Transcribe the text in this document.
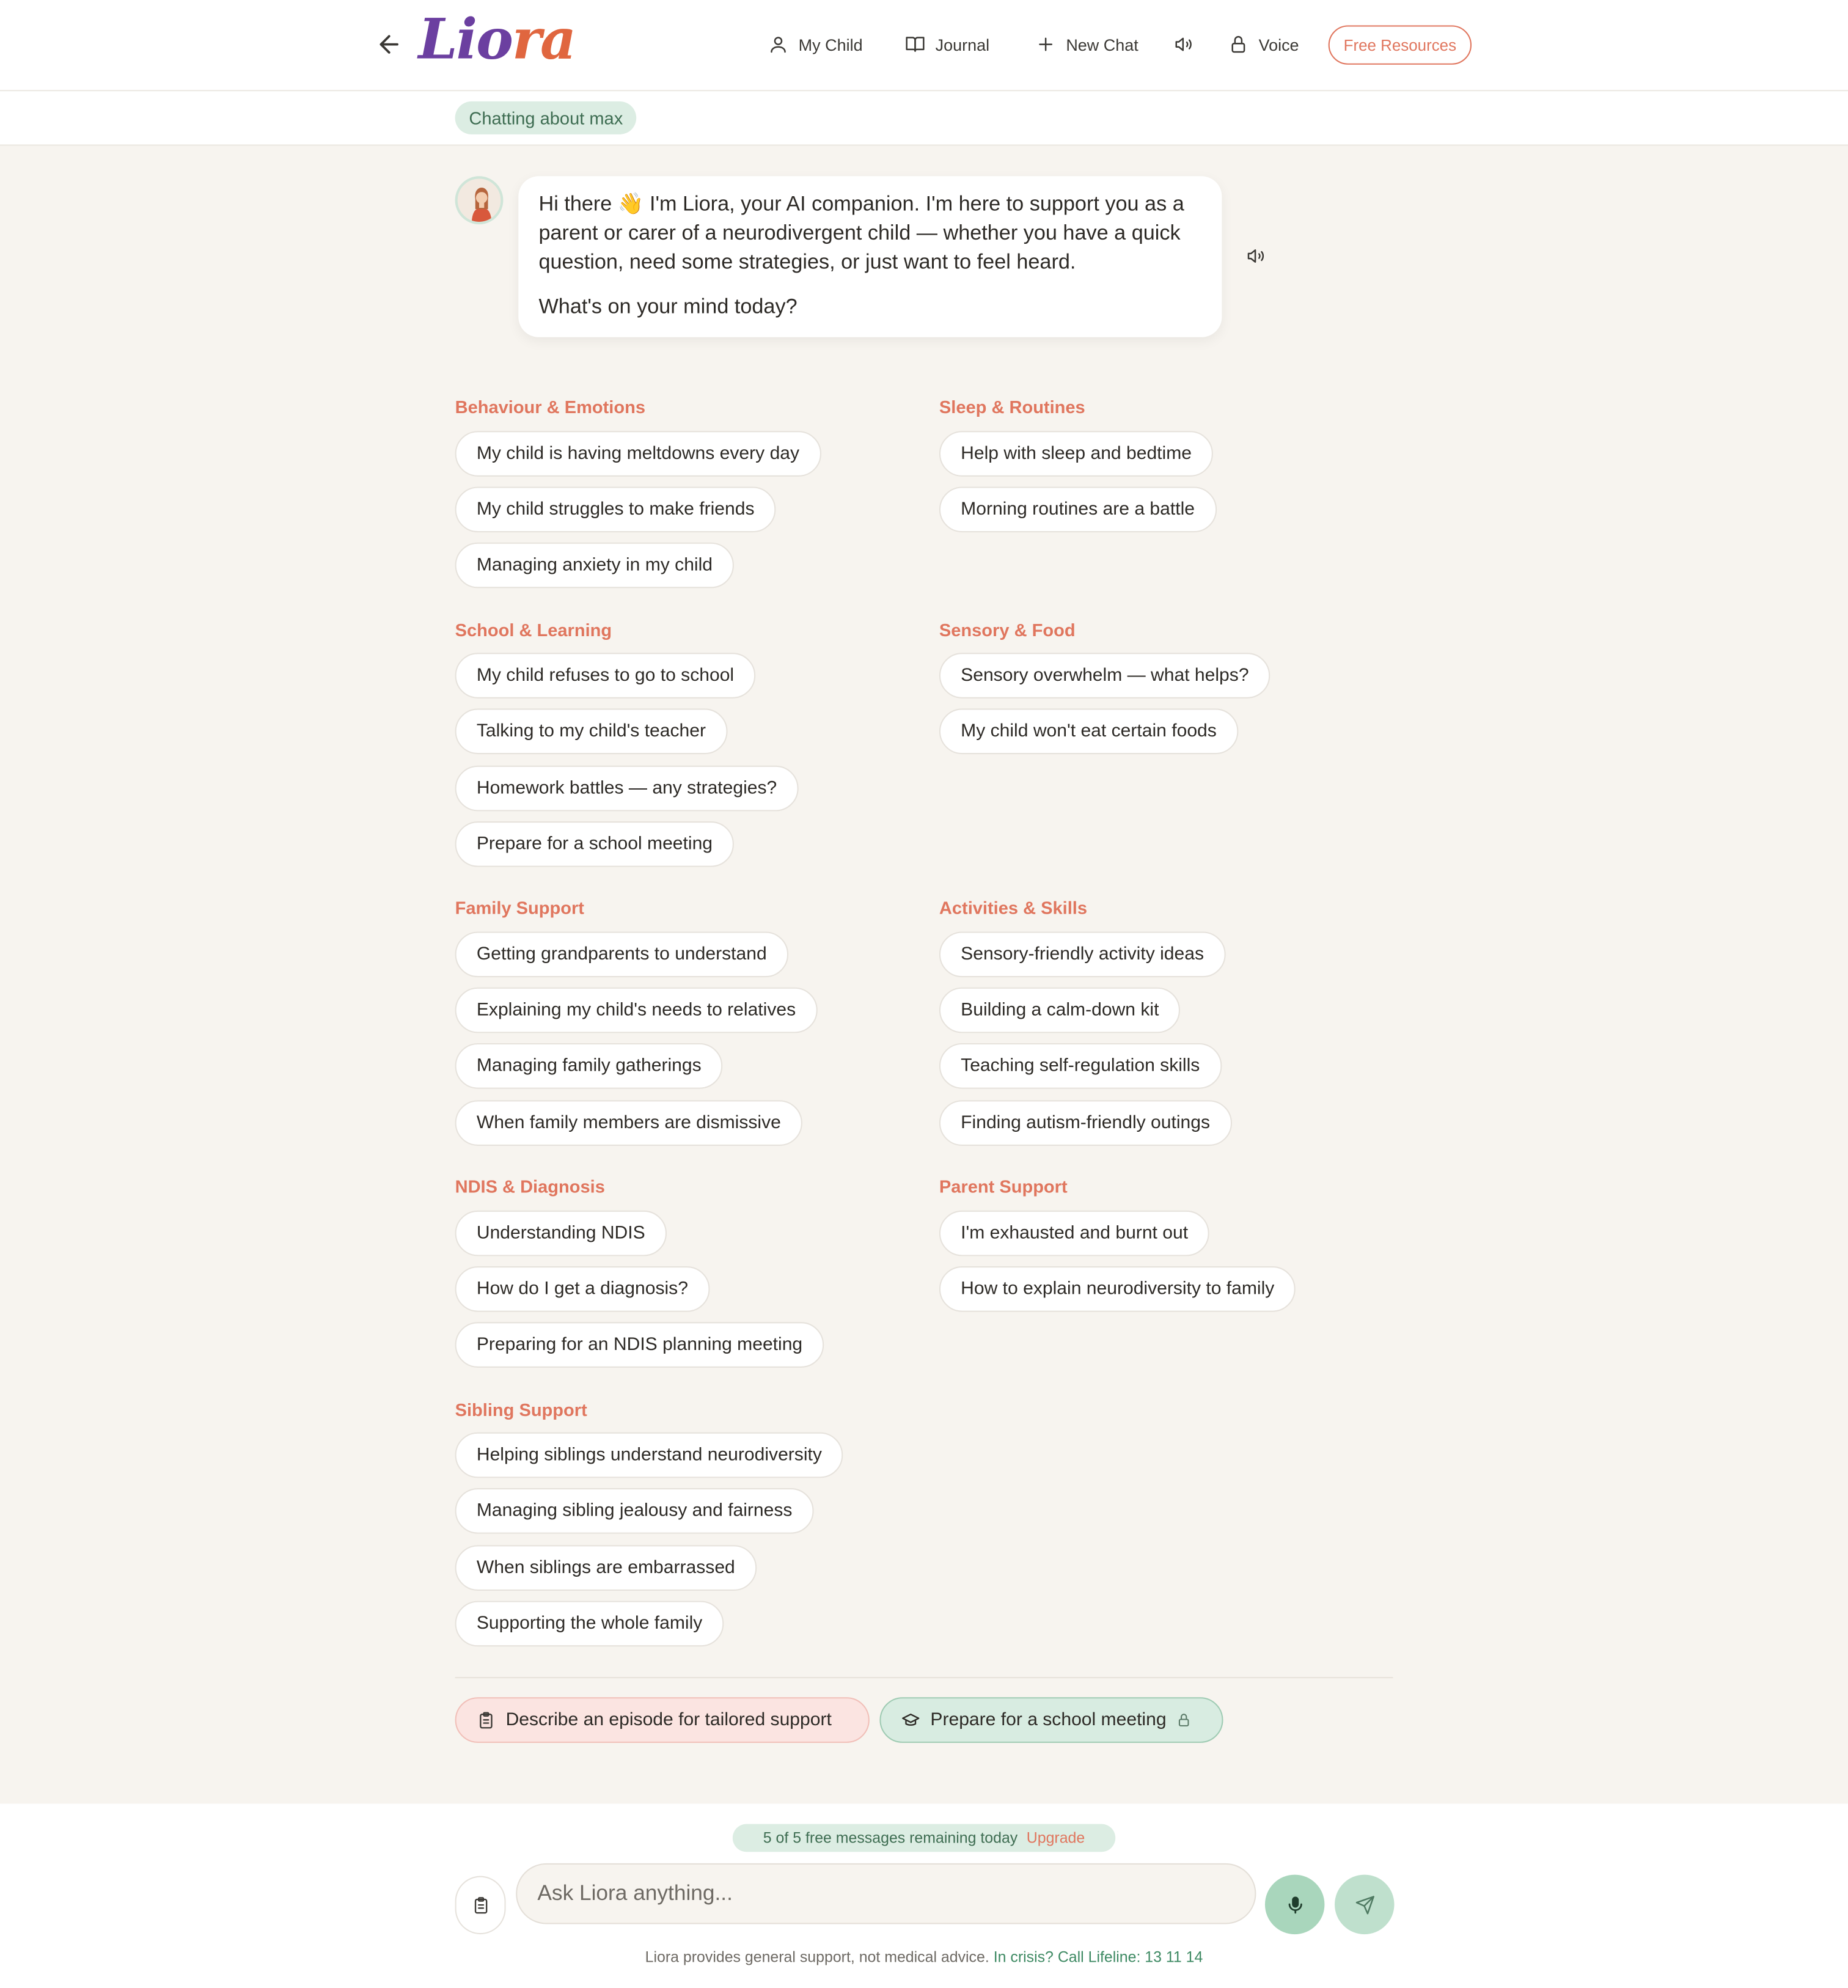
Liora	My Child	Journal	New Chat	Voice	Free Resources
Chatting about max

Hi there 👋 I'm Liora, your AI companion. I'm here to support you as a parent or carer of a neurodivergent child — whether you have a quick question, need some strategies, or just want to feel heard.

What's on your mind today?

Behaviour & Emotions
My child is having meltdowns every day
My child struggles to make friends
Managing anxiety in my child
School & Learning
My child refuses to go to school
Talking to my child's teacher
Homework battles — any strategies?
Prepare for a school meeting
Family Support
Getting grandparents to understand
Explaining my child's needs to relatives
Managing family gatherings
When family members are dismissive
NDIS & Diagnosis
Understanding NDIS
How do I get a diagnosis?
Preparing for an NDIS planning meeting
Sibling Support
Helping siblings understand neurodiversity
Managing sibling jealousy and fairness
When siblings are embarrassed
Supporting the whole family
Sleep & Routines
Help with sleep and bedtime
Morning routines are a battle
Sensory & Food
Sensory overwhelm — what helps?
My child won't eat certain foods
Activities & Skills
Sensory-friendly activity ideas
Building a calm-down kit
Teaching self-regulation skills
Finding autism-friendly outings
Parent Support
I'm exhausted and burnt out
How to explain neurodiversity to family
Describe an episode for tailored support	Prepare for a school meeting
5 of 5 free messages remaining today Upgrade
Ask Liora anything...
Liora provides general support, not medical advice. In crisis? Call Lifeline: 13 11 14
